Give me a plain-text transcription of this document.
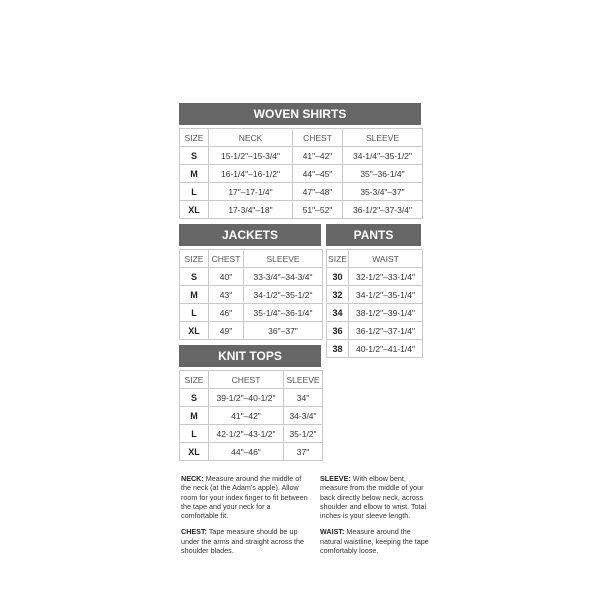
WOVEN SHIRTS
SIZE	NECK	CHEST	SLEEVE
S	15-1/2"–15-3/4"	41"–42"	34-1/4"–35-1/2"
M	16-1/4"–16-1/2"	44"–45"	35"–36-1/4"
L	17"–17-1/4"	47"–48"	35-3/4"–37"
XL	17-3/4"–18"	51"–52"	36-1/2"–37-3/4"
JACKETS
SIZE	CHEST	SLEEVE
S	40"	33-3/4"–34-3/4"
M	43"	34-1/2"–35-1/2"
L	46"	35-1/4"–36-1/4"
XL	49"	36"–37"
PANTS
SIZE	WAIST
30	32-1/2"–33-1/4"
32	34-1/2"–35-1/4"
34	38-1/2"–39-1/4"
36	36-1/2"–37-1/4"
38	40-1/2"–41-1/4"
KNIT TOPS
SIZE	CHEST	SLEEVE
S	39-1/2"–40-1/2"	34"
M	41"–42"	34-3/4"
L	42-1/2"–43-1/2"	35-1/2"
XL	44"–46"	37"

NECK: Measure around the middle of the neck (at the Adam's apple). Allow room for your index finger to fit between the tape and your neck for a comfortable fit.

CHEST: Tape measure should be up under the arms and straight across the shoulder blades.

SLEEVE: With elbow bent, measure from the middle of your back directly below neck, across shoulder and elbow to wrist. Total inches is your sleeve length.

WAIST: Measure around the natural waistline, keeping the tape comfortably loose.
